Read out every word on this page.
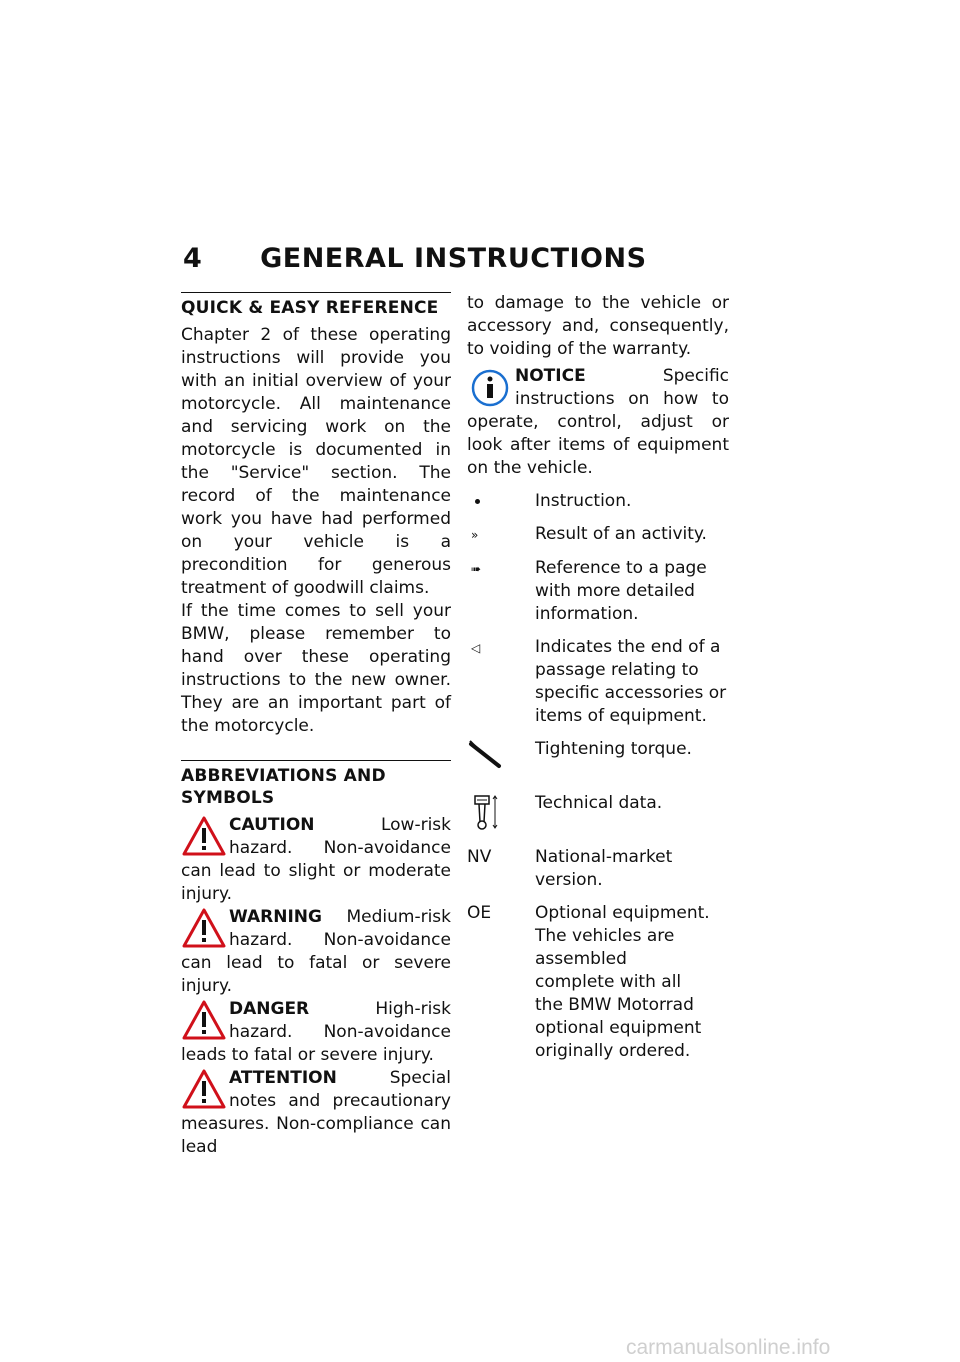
4 GENERAL INSTRUCTIONS
QUICK & EASY REFERENCE

Chapter 2 of these operating instructions will provide you with an initial overview of your motorcycle. All maintenance and servicing work on the motorcycle is documented in the "Service" section. The record of the maintenance work you have had performed on your vehicle is a precondition for generous treatment of goodwill claims.

If the time comes to sell your BMW, please remember to hand over these operating instructions to the new owner. They are an important part of the motorcycle.

ABBREVIATIONS AND SYMBOLS

CAUTION	Low-risk hazard. Non-avoidance can lead to slight or moderate injury.

WARNING Medium-risk hazard. Non-avoidance can lead to fatal or severe injury.

DANGER	High-risk hazard. Non-avoidance leads to fatal or severe injury.

ATTENTION	Special notes and precautionary measures. Non-compliance can lead

to damage to the vehicle or accessory and, consequently, to voiding of the warranty.

NOTICE	Specific instructions on how to operate, control, adjust or look after items of equipment on the vehicle.

Instruction.
»	Result of an activity.
➠	Reference to a page with more detailed information.
◁	Indicates the end of a passage relating to specific accessories or items of equipment.
Tightening torque.
Technical data.
NV	National-market version.
OE	Optional equipment.
The vehicles are assembled complete with all the BMW Motorrad optional equipment originally ordered.
carmanualsonline.info
